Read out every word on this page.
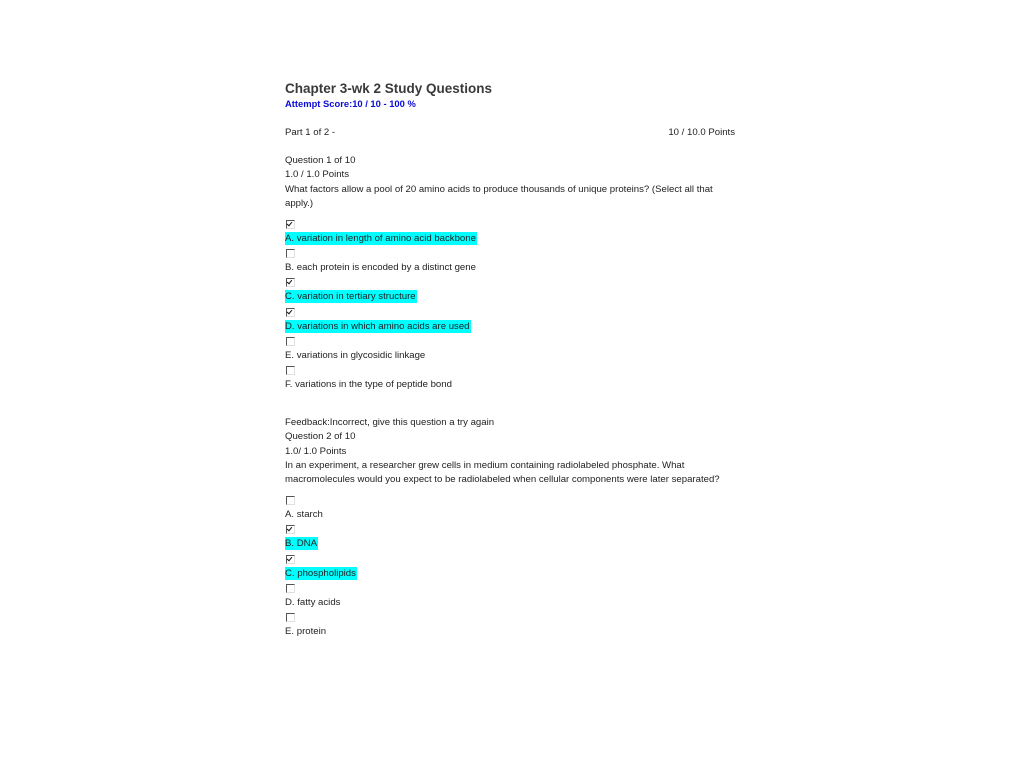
Chapter 3-wk 2 Study Questions
Attempt Score:10 / 10 - 100 %
Part 1 of 2 -	10 / 10.0 Points
Question 1 of 10
1.0 / 1.0 Points
What factors allow a pool of 20 amino acids to produce thousands of unique proteins? (Select all that apply.)
A. variation in length of amino acid backbone
B. each protein is encoded by a distinct gene
C. variation in tertiary structure
D. variations in which amino acids are used
E. variations in glycosidic linkage
F. variations in the type of peptide bond
Feedback:Incorrect, give this question a try again
Question 2 of 10
1.0/ 1.0 Points
In an experiment, a researcher grew cells in medium containing radiolabeled phosphate. What macromolecules would you expect to be radiolabeled when cellular components were later separated?
A. starch
B. DNA
C. phospholipids
D. fatty acids
E. protein
